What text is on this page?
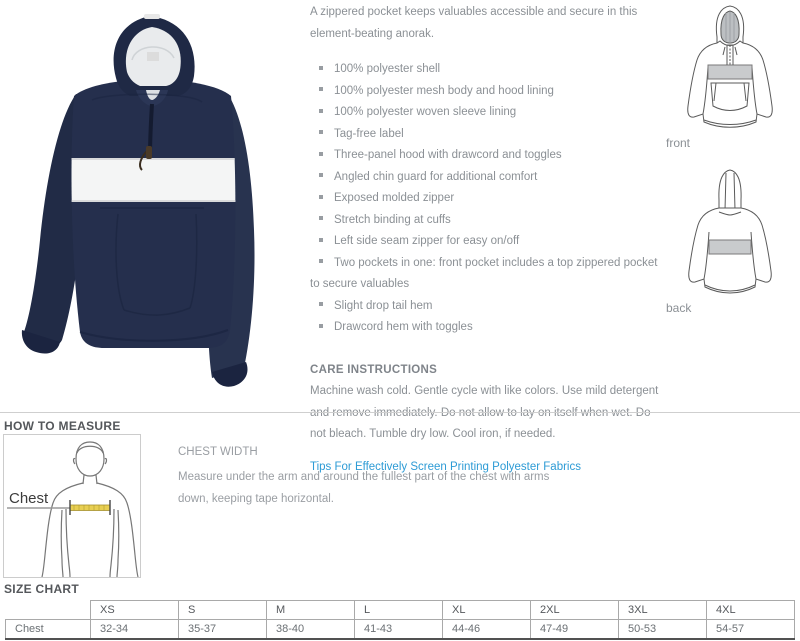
A zippered pocket keeps valuables accessible and secure in this element-beating anorak.

100% polyester shell
100% polyester mesh body and hood lining
100% polyester woven sleeve lining
Tag-free label
Three-panel hood with drawcord and toggles
Angled chin guard for additional comfort
Exposed molded zipper
Stretch binding at cuffs
Left side seam zipper for easy on/off
Two pockets in one: front pocket includes a top zippered pocket to secure valuables
Slight drop tail hem
Drawcord hem with toggles
CARE INSTRUCTIONS

Machine wash cold. Gentle cycle with like colors. Use mild detergent and remove immediately. Do not allow to lay on itself when wet. Do not bleach. Tumble dry low. Cool iron, if needed.

Tips For Effectively Screen Printing Polyester Fabrics
front
back
HOW TO MEASURE
Chest
CHEST WIDTH
Measure under the arm and around the fullest part of the chest with arms down, keeping tape horizontal.
SIZE CHART
	XS	S	M	L	XL	2XL	3XL	4XL
Chest	32-34	35-37	38-40	41-43	44-46	47-49	50-53	54-57
